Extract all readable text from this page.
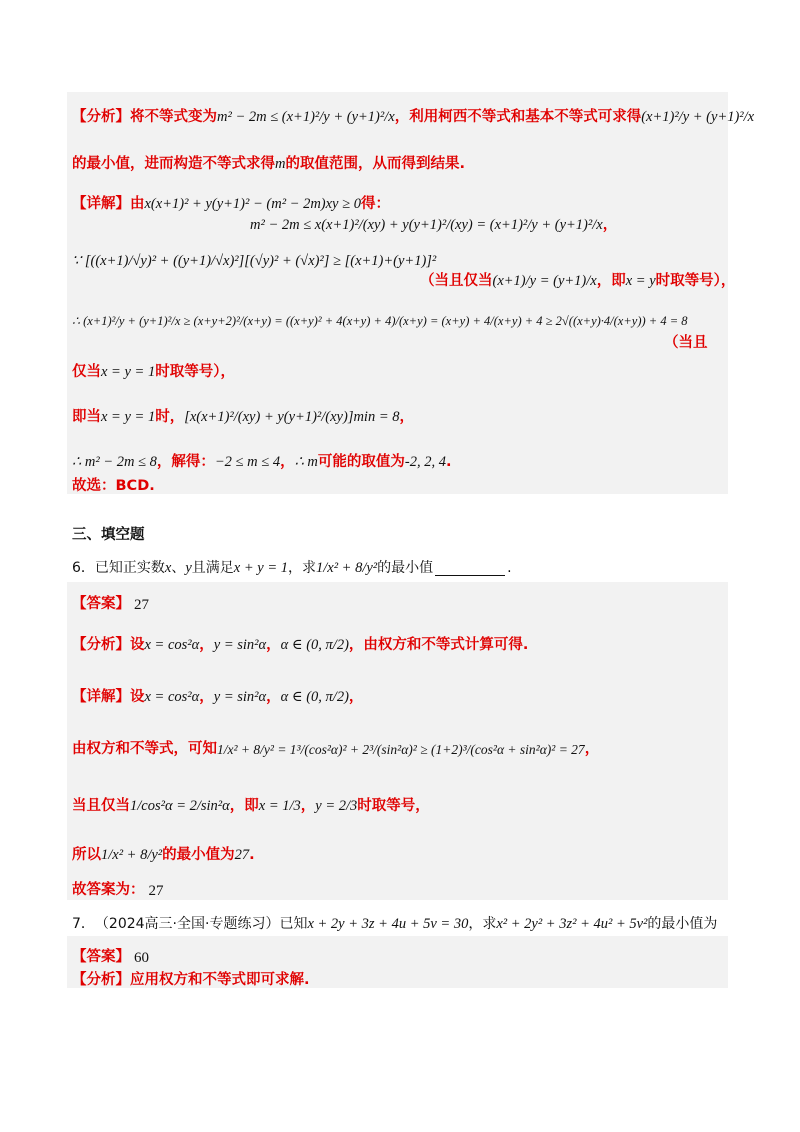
【分析】 将不等式变为 m² − 2m ≤ (x+1)²/y + (y+1)²/x ，利用柯西不等式和基本不等式可求得 (x+1)²/y + (y+1)²/x
的最小值，进而构造不等式求得 m 的取值范围，从而得到结果.
【详解】 由 x(x+1)² + y(y+1)² − (m² − 2m)xy ≥ 0 得：
m² − 2m ≤ x(x+1)²/(xy) + y(y+1)²/(xy) = (x+1)²/y + (y+1)²/x ，
∵ [((x+1)/√y)² + ((y+1)/√x)²][(√y)² + (√x)²] ≥ [(x+1)+(y+1)]²
（当且仅当 (x+1)/y = (y+1)/x ，即 x = y 时取等号），
∴ (x+1)²/y + (y+1)²/x ≥ (x+y+2)²/(x+y) = ((x+y)² + 4(x+y) + 4)/(x+y) = (x+y) + 4/(x+y) + 4 ≥ 2√((x+y)·4/(x+y)) + 4 = 8
（当且
仅当 x = y = 1 时取等号），
即当 x = y = 1 时， [x(x+1)²/(xy) + y(y+1)²/(xy)]min = 8 ，
∴ m² − 2m ≤ 8 ，解得： −2 ≤ m ≤ 4 ， ∴ m 可能的取值为 -2, 2, 4 .
故选：BCD.
三、填空题
6． 已知正实数 x 、 y 且满足 x + y = 1 ，求 1/x² + 8/y² 的最小值	.
【答案】 27
【分析】 设 x = cos²α ， y = sin²α ， α ∈ (0, π/2) ，由权方和不等式计算可得.
【详解】 设 x = cos²α ， y = sin²α ， α ∈ (0, π/2) ，
由权方和不等式，可知 1/x² + 8/y² = 1³/(cos²α)² + 2³/(sin²α)² ≥ (1+2)³/(cos²α + sin²α)² = 27 ，
当且仅当 1/cos²α = 2/sin²α ，即 x = 1/3 ， y = 2/3 时取等号，
所以 1/x² + 8/y² 的最小值为 27 .
故答案为： 27
7． （2024高三·全国·专题练习） 已知 x + 2y + 3z + 4u + 5v = 30 ，求 x² + 2y² + 3z² + 4u² + 5v² 的最小值为
【答案】 60
【分析】 应用权方和不等式即可求解.
